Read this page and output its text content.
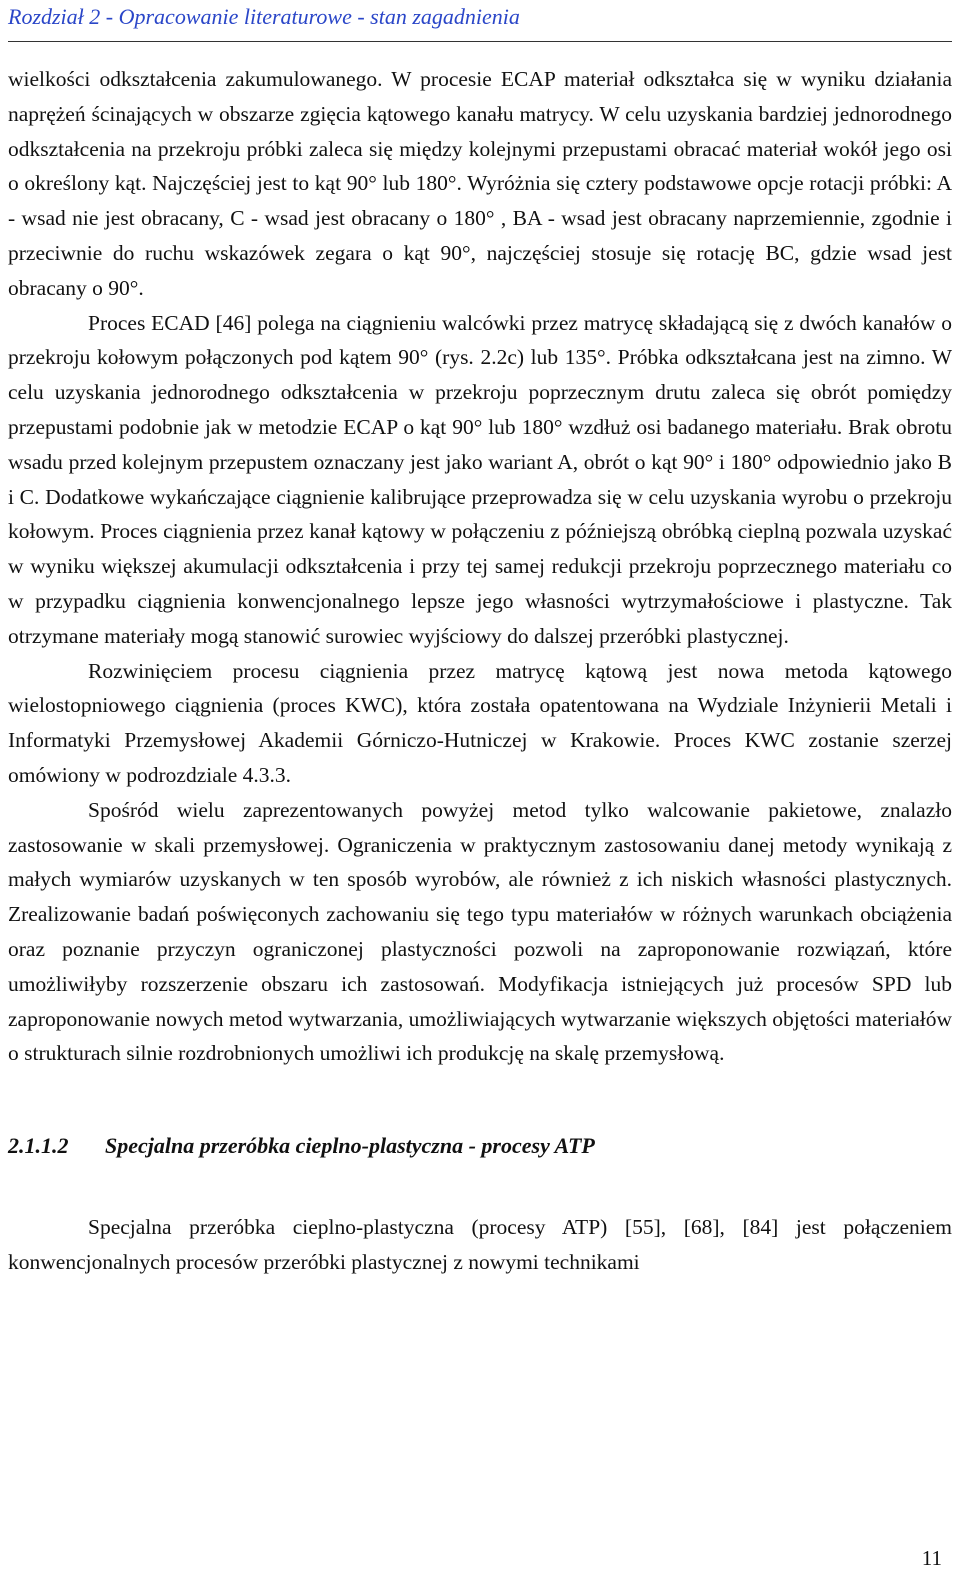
Rozdział 2 - Opracowanie literaturowe - stan zagadnienia

wielkości odkształcenia zakumulowanego. W procesie ECAP materiał odkształca się w wyniku działania naprężeń ścinających w obszarze zgięcia kątowego kanału matrycy. W celu uzyskania bardziej jednorodnego odkształcenia na przekroju próbki zaleca się między kolejnymi przepustami obracać materiał wokół jego osi o określony kąt. Najczęściej jest to kąt 90° lub 180°. Wyróżnia się cztery podstawowe opcje rotacji próbki: A - wsad nie jest obracany, C - wsad jest obracany o 180° , BA - wsad jest obracany naprzemiennie, zgodnie i przeciwnie do ruchu wskazówek zegara o kąt 90°, najczęściej stosuje się rotację BC, gdzie wsad jest obracany o 90°.

Proces ECAD [46] polega na ciągnieniu walcówki przez matrycę składającą się z dwóch kanałów o przekroju kołowym połączonych pod kątem 90° (rys. 2.2c) lub 135°. Próbka odkształcana jest na zimno. W celu uzyskania jednorodnego odkształcenia w przekroju poprzecznym drutu zaleca się obrót pomiędzy przepustami podobnie jak w metodzie ECAP o kąt 90° lub 180° wzdłuż osi badanego materiału. Brak obrotu wsadu przed kolejnym przepustem oznaczany jest jako wariant A, obrót o kąt 90° i 180° odpowiednio jako B i C. Dodatkowe wykańczające ciągnienie kalibrujące przeprowadza się w celu uzyskania wyrobu o przekroju kołowym. Proces ciągnienia przez kanał kątowy w połączeniu z późniejszą obróbką cieplną pozwala uzyskać w wyniku większej akumulacji odkształcenia i przy tej samej redukcji przekroju poprzecznego materiału co w przypadku ciągnienia konwencjonalnego lepsze jego własności wytrzymałościowe i plastyczne. Tak otrzymane materiały mogą stanowić surowiec wyjściowy do dalszej przeróbki plastycznej.

Rozwinięciem procesu ciągnienia przez matrycę kątową jest nowa metoda kątowego wielostopniowego ciągnienia (proces KWC), która została opatentowana na Wydziale Inżynierii Metali i Informatyki Przemysłowej Akademii Górniczo-Hutniczej w Krakowie. Proces KWC zostanie szerzej omówiony w podrozdziale 4.3.3.

Spośród wielu zaprezentowanych powyżej metod tylko walcowanie pakietowe, znalazło zastosowanie w skali przemysłowej. Ograniczenia w praktycznym zastosowaniu danej metody wynikają z małych wymiarów uzyskanych w ten sposób wyrobów, ale również z ich niskich własności plastycznych. Zrealizowanie badań poświęconych zachowaniu się tego typu materiałów w różnych warunkach obciążenia oraz poznanie przyczyn ograniczonej plastyczności pozwoli na zaproponowanie rozwiązań, które umożliwiłyby rozszerzenie obszaru ich zastosowań. Modyfikacja istniejących już procesów SPD lub zaproponowanie nowych metod wytwarzania, umożliwiających wytwarzanie większych objętości materiałów o strukturach silnie rozdrobnionych umożliwi ich produkcję na skalę przemysłową.

2.1.1.2 Specjalna przeróbka cieplno-plastyczna - procesy ATP

Specjalna przeróbka cieplno-plastyczna (procesy ATP) [55], [68], [84] jest połączeniem konwencjonalnych procesów przeróbki plastycznej z nowymi technikami

11
